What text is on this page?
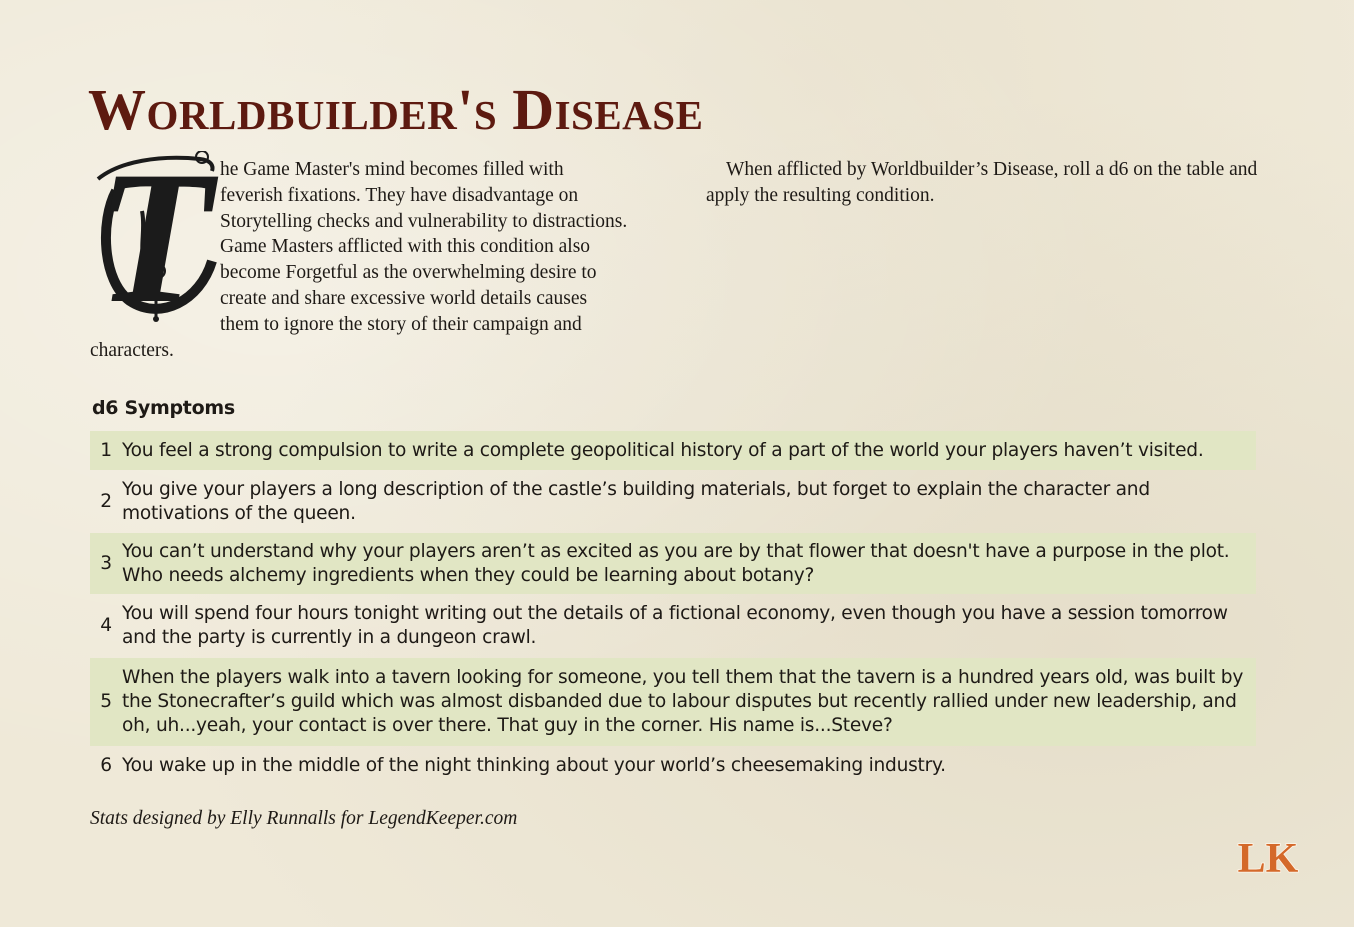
Worldbuilder's Disease
T he Game Master's mind becomes filled with feverish fixations. They have disadvantage on Storytelling checks and vulnerability to distractions. Game Masters afflicted with this condition also become Forgetful as the overwhelming desire to create and share excessive world details causes them to ignore the story of their campaign and characters.
When afflicted by Worldbuilder’s Disease, roll a d6 on the table and apply the resulting condition.
d6 Symptoms
1 You feel a strong compulsion to write a complete geopolitical history of a part of the world your players haven’t visited.
2
You give your players a long description of the castle’s building materials, but forget to explain the character and motivations of the queen.
3
You can’t understand why your players aren’t as excited as you are by that flower that doesn't have a purpose in the plot. Who needs alchemy ingredients when they could be learning about botany?
4
You will spend four hours tonight writing out the details of a fictional economy, even though you have a session tomorrow and the party is currently in a dungeon crawl.
5
When the players walk into a tavern looking for someone, you tell them that the tavern is a hundred years old, was built by the Stonecrafter’s guild which was almost disbanded due to labour disputes but recently rallied under new leadership, and oh, uh...yeah, your contact is over there. That guy in the corner. His name is...Steve?
6 You wake up in the middle of the night thinking about your world’s cheesemaking industry.
Stats designed by Elly Runnalls for LegendKeeper.com
LK
